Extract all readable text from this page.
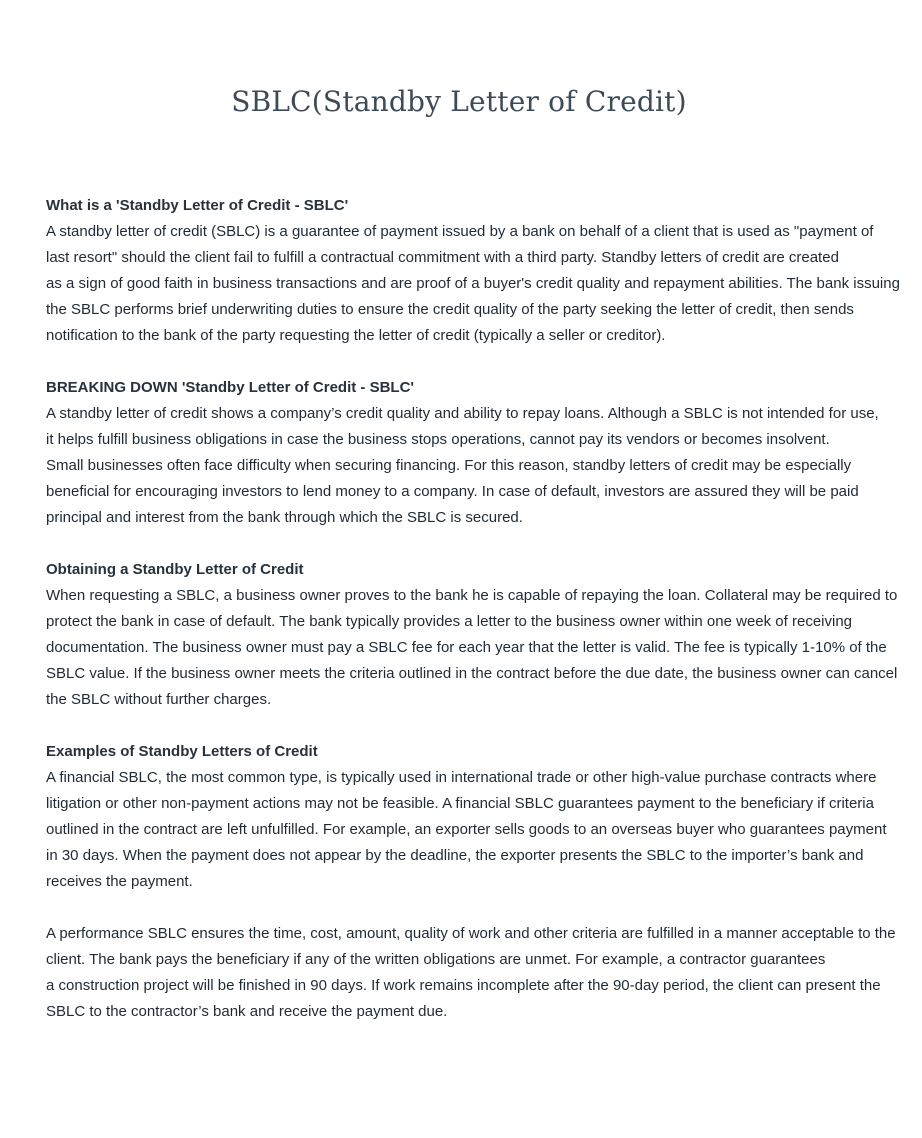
SBLC(Standby Letter of Credit)
What is a 'Standby Letter of Credit - SBLC'
A standby letter of credit (SBLC) is a guarantee of payment issued by a bank on behalf of a client that is used as "payment of
last resort" should the client fail to fulfill a contractual commitment with a third party. Standby letters of credit are created
as a sign of good faith in business transactions and are proof of a buyer's credit quality and repayment abilities. The bank issuing
the SBLC performs brief underwriting duties to ensure the credit quality of the party seeking the letter of credit, then sends
notification to the bank of the party requesting the letter of credit (typically a seller or creditor).
BREAKING DOWN 'Standby Letter of Credit - SBLC'
A standby letter of credit shows a company’s credit quality and ability to repay loans. Although a SBLC is not intended for use,
it helps fulfill business obligations in case the business stops operations, cannot pay its vendors or becomes insolvent.
Small businesses often face difficulty when securing financing. For this reason, standby letters of credit may be especially
beneficial for encouraging investors to lend money to a company. In case of default, investors are assured they will be paid
principal and interest from the bank through which the SBLC is secured.
Obtaining a Standby Letter of Credit
When requesting a SBLC, a business owner proves to the bank he is capable of repaying the loan. Collateral may be required to
protect the bank in case of default. The bank typically provides a letter to the business owner within one week of receiving
documentation. The business owner must pay a SBLC fee for each year that the letter is valid. The fee is typically 1-10% of the
SBLC value. If the business owner meets the criteria outlined in the contract before the due date, the business owner can cancel
the SBLC without further charges.
Examples of Standby Letters of Credit
A financial SBLC, the most common type, is typically used in international trade or other high-value purchase contracts where
litigation or other non-payment actions may not be feasible. A financial SBLC guarantees payment to the beneficiary if criteria
outlined in the contract are left unfulfilled. For example, an exporter sells goods to an overseas buyer who guarantees payment
in 30 days. When the payment does not appear by the deadline, the exporter presents the SBLC to the importer’s bank and
receives the payment.
A performance SBLC ensures the time, cost, amount, quality of work and other criteria are fulfilled in a manner acceptable to the
client. The bank pays the beneficiary if any of the written obligations are unmet. For example, a contractor guarantees
a construction project will be finished in 90 days. If work remains incomplete after the 90-day period, the client can present the
SBLC to the contractor’s bank and receive the payment due.
